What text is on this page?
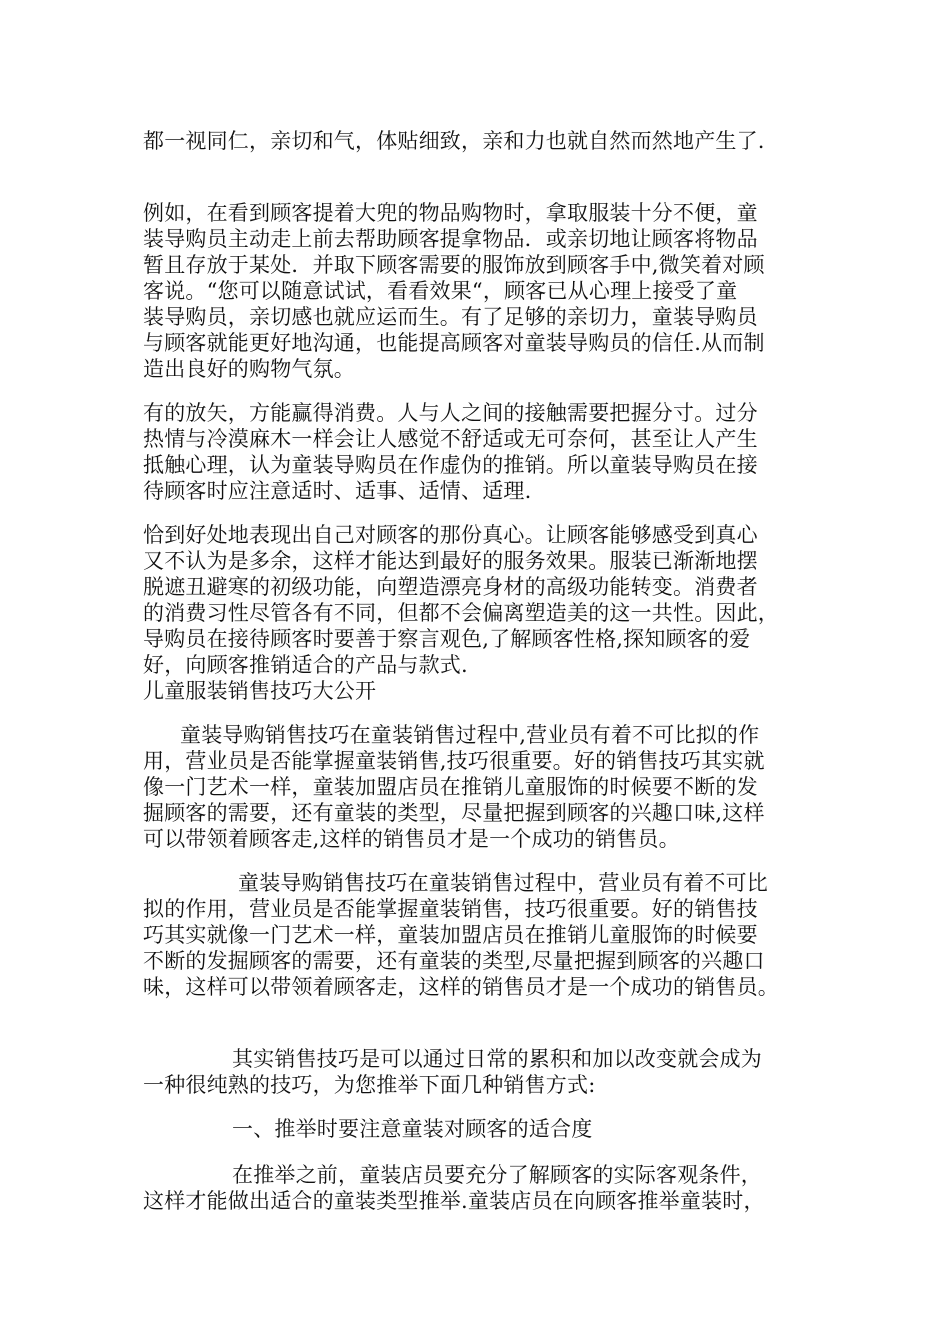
都一视同仁，亲切和气，体贴细致，亲和力也就自然而然地产生了.
例如，在看到顾客提着大兜的物品购物时，拿取服装十分不便，童
装导购员主动走上前去帮助顾客提拿物品．或亲切地让顾客将物品
暂且存放于某处．并取下顾客需要的服饰放到顾客手中,微笑着对顾
客说。“您可以随意试试，看看效果“，顾客已从心理上接受了童
装导购员，亲切感也就应运而生。有了足够的亲切力，童装导购员
与顾客就能更好地沟通，也能提高顾客对童装导购员的信任.从而制
造出良好的购物气氛。
有的放矢，方能赢得消费。人与人之间的接触需要把握分寸。过分
热情与冷漠麻木一样会让人感觉不舒适或无可奈何，甚至让人产生
抵触心理，认为童装导购员在作虚伪的推销。所以童装导购员在接
待顾客时应注意适时、适事、适情、适理.
恰到好处地表现出自己对顾客的那份真心。让顾客能够感受到真心
又不认为是多余，这样才能达到最好的服务效果。服装已渐渐地摆
脱遮丑避寒的初级功能，向塑造漂亮身材的高级功能转变。消费者
的消费习性尽管各有不同，但都不会偏离塑造美的这一共性。因此，
导购员在接待顾客时要善于察言观色,了解顾客性格,探知顾客的爱
好，向顾客推销适合的产品与款式.
儿童服装销售技巧大公开
童装导购销售技巧在童装销售过程中,营业员有着不可比拟的作
用，营业员是否能掌握童装销售,技巧很重要。好的销售技巧其实就
像一门艺术一样，童装加盟店员在推销儿童服饰的时候要不断的发
掘顾客的需要，还有童装的类型，尽量把握到顾客的兴趣口味,这样
可以带领着顾客走,这样的销售员才是一个成功的销售员。
童装导购销售技巧在童装销售过程中，营业员有着不可比
拟的作用，营业员是否能掌握童装销售，技巧很重要。好的销售技
巧其实就像一门艺术一样，童装加盟店员在推销儿童服饰的时候要
不断的发掘顾客的需要，还有童装的类型,尽量把握到顾客的兴趣口
味，这样可以带领着顾客走，这样的销售员才是一个成功的销售员。
其实销售技巧是可以通过日常的累积和加以改变就会成为
一种很纯熟的技巧，为您推举下面几种销售方式:
一、推举时要注意童装对顾客的适合度
在推举之前，童装店员要充分了解顾客的实际客观条件，
这样才能做出适合的童装类型推举.童装店员在向顾客推举童装时，
